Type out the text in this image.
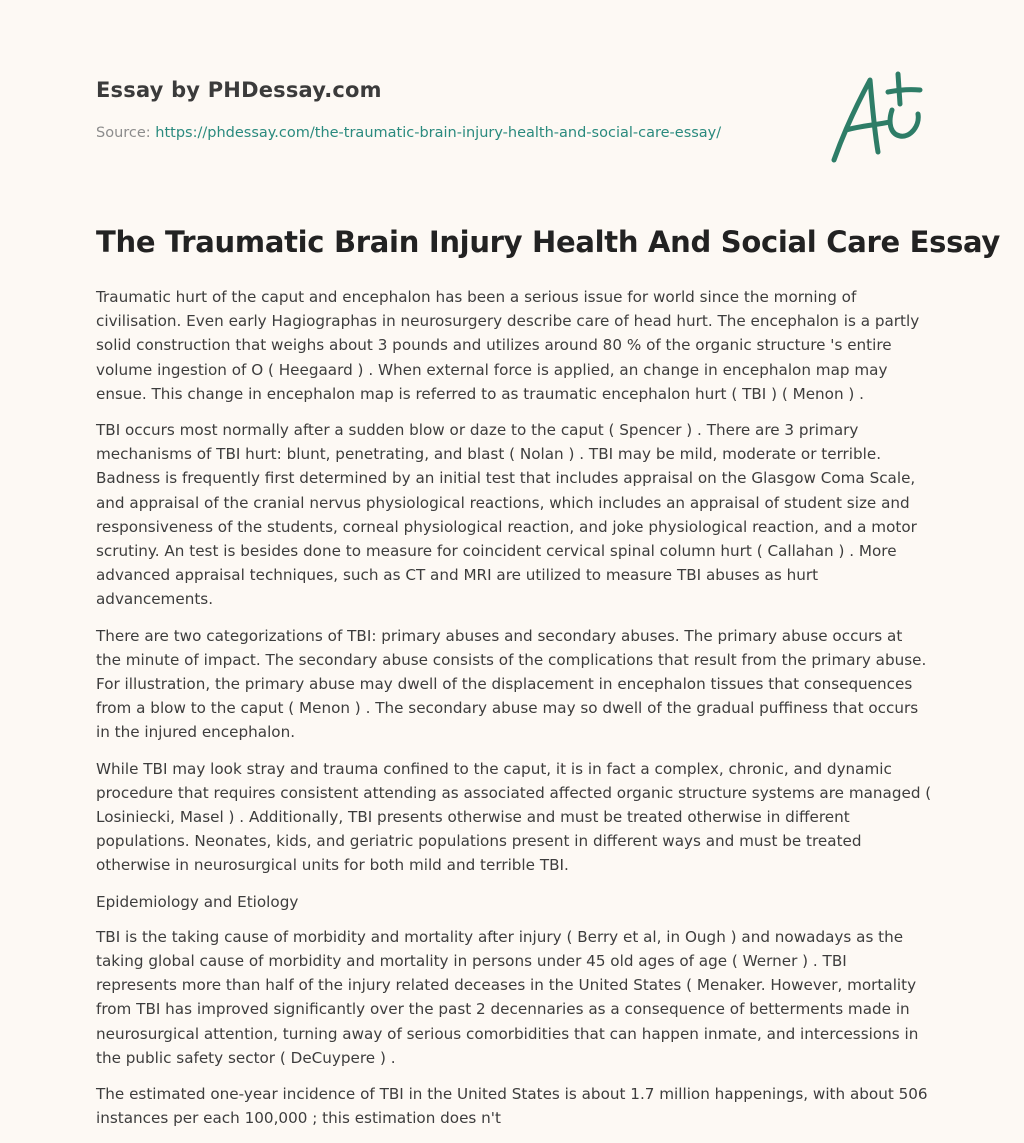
Essay by PHDessay.com
Source: https://phdessay.com/the-traumatic-brain-injury-health-and-social-care-essay/
The Traumatic Brain Injury Health And Social Care Essay

Traumatic hurt of the caput and encephalon has been a serious issue for world since the morning of civilisation. Even early Hagiographas in neurosurgery describe care of head hurt. The encephalon is a partly solid construction that weighs about 3 pounds and utilizes around 80 % of the organic structure 's entire volume ingestion of O ( Heegaard ) . When external force is applied, an change in encephalon map may ensue. This change in encephalon map is referred to as traumatic encephalon hurt ( TBI ) ( Menon ) .

TBI occurs most normally after a sudden blow or daze to the caput ( Spencer ) . There are 3 primary mechanisms of TBI hurt: blunt, penetrating, and blast ( Nolan ) . TBI may be mild, moderate or terrible. Badness is frequently first determined by an initial test that includes appraisal on the Glasgow Coma Scale, and appraisal of the cranial nervus physiological reactions, which includes an appraisal of student size and responsiveness of the students, corneal physiological reaction, and joke physiological reaction, and a motor scrutiny. An test is besides done to measure for coincident cervical spinal column hurt ( Callahan ) . More advanced appraisal techniques, such as CT and MRI are utilized to measure TBI abuses as hurt advancements.

There are two categorizations of TBI: primary abuses and secondary abuses. The primary abuse occurs at the minute of impact. The secondary abuse consists of the complications that result from the primary abuse. For illustration, the primary abuse may dwell of the displacement in encephalon tissues that consequences from a blow to the caput ( Menon ) . The secondary abuse may so dwell of the gradual puffiness that occurs in the injured encephalon.

While TBI may look stray and trauma confined to the caput, it is in fact a complex, chronic, and dynamic procedure that requires consistent attending as associated affected organic structure systems are managed ( Losiniecki, Masel ) . Additionally, TBI presents otherwise and must be treated otherwise in different populations. Neonates, kids, and geriatric populations present in different ways and must be treated otherwise in neurosurgical units for both mild and terrible TBI.

Epidemiology and Etiology

TBI is the taking cause of morbidity and mortality after injury ( Berry et al, in Ough ) and nowadays as the taking global cause of morbidity and mortality in persons under 45 old ages of age ( Werner ) . TBI represents more than half of the injury related deceases in the United States ( Menaker. However, mortality from TBI has improved significantly over the past 2 decennaries as a consequence of betterments made in neurosurgical attention, turning away of serious comorbidities that can happen inmate, and intercessions in the public safety sector ( DeCuypere ) .

The estimated one-year incidence of TBI in the United States is about 1.7 million happenings, with about 506 instances per each 100,000 ; this estimation does n't
